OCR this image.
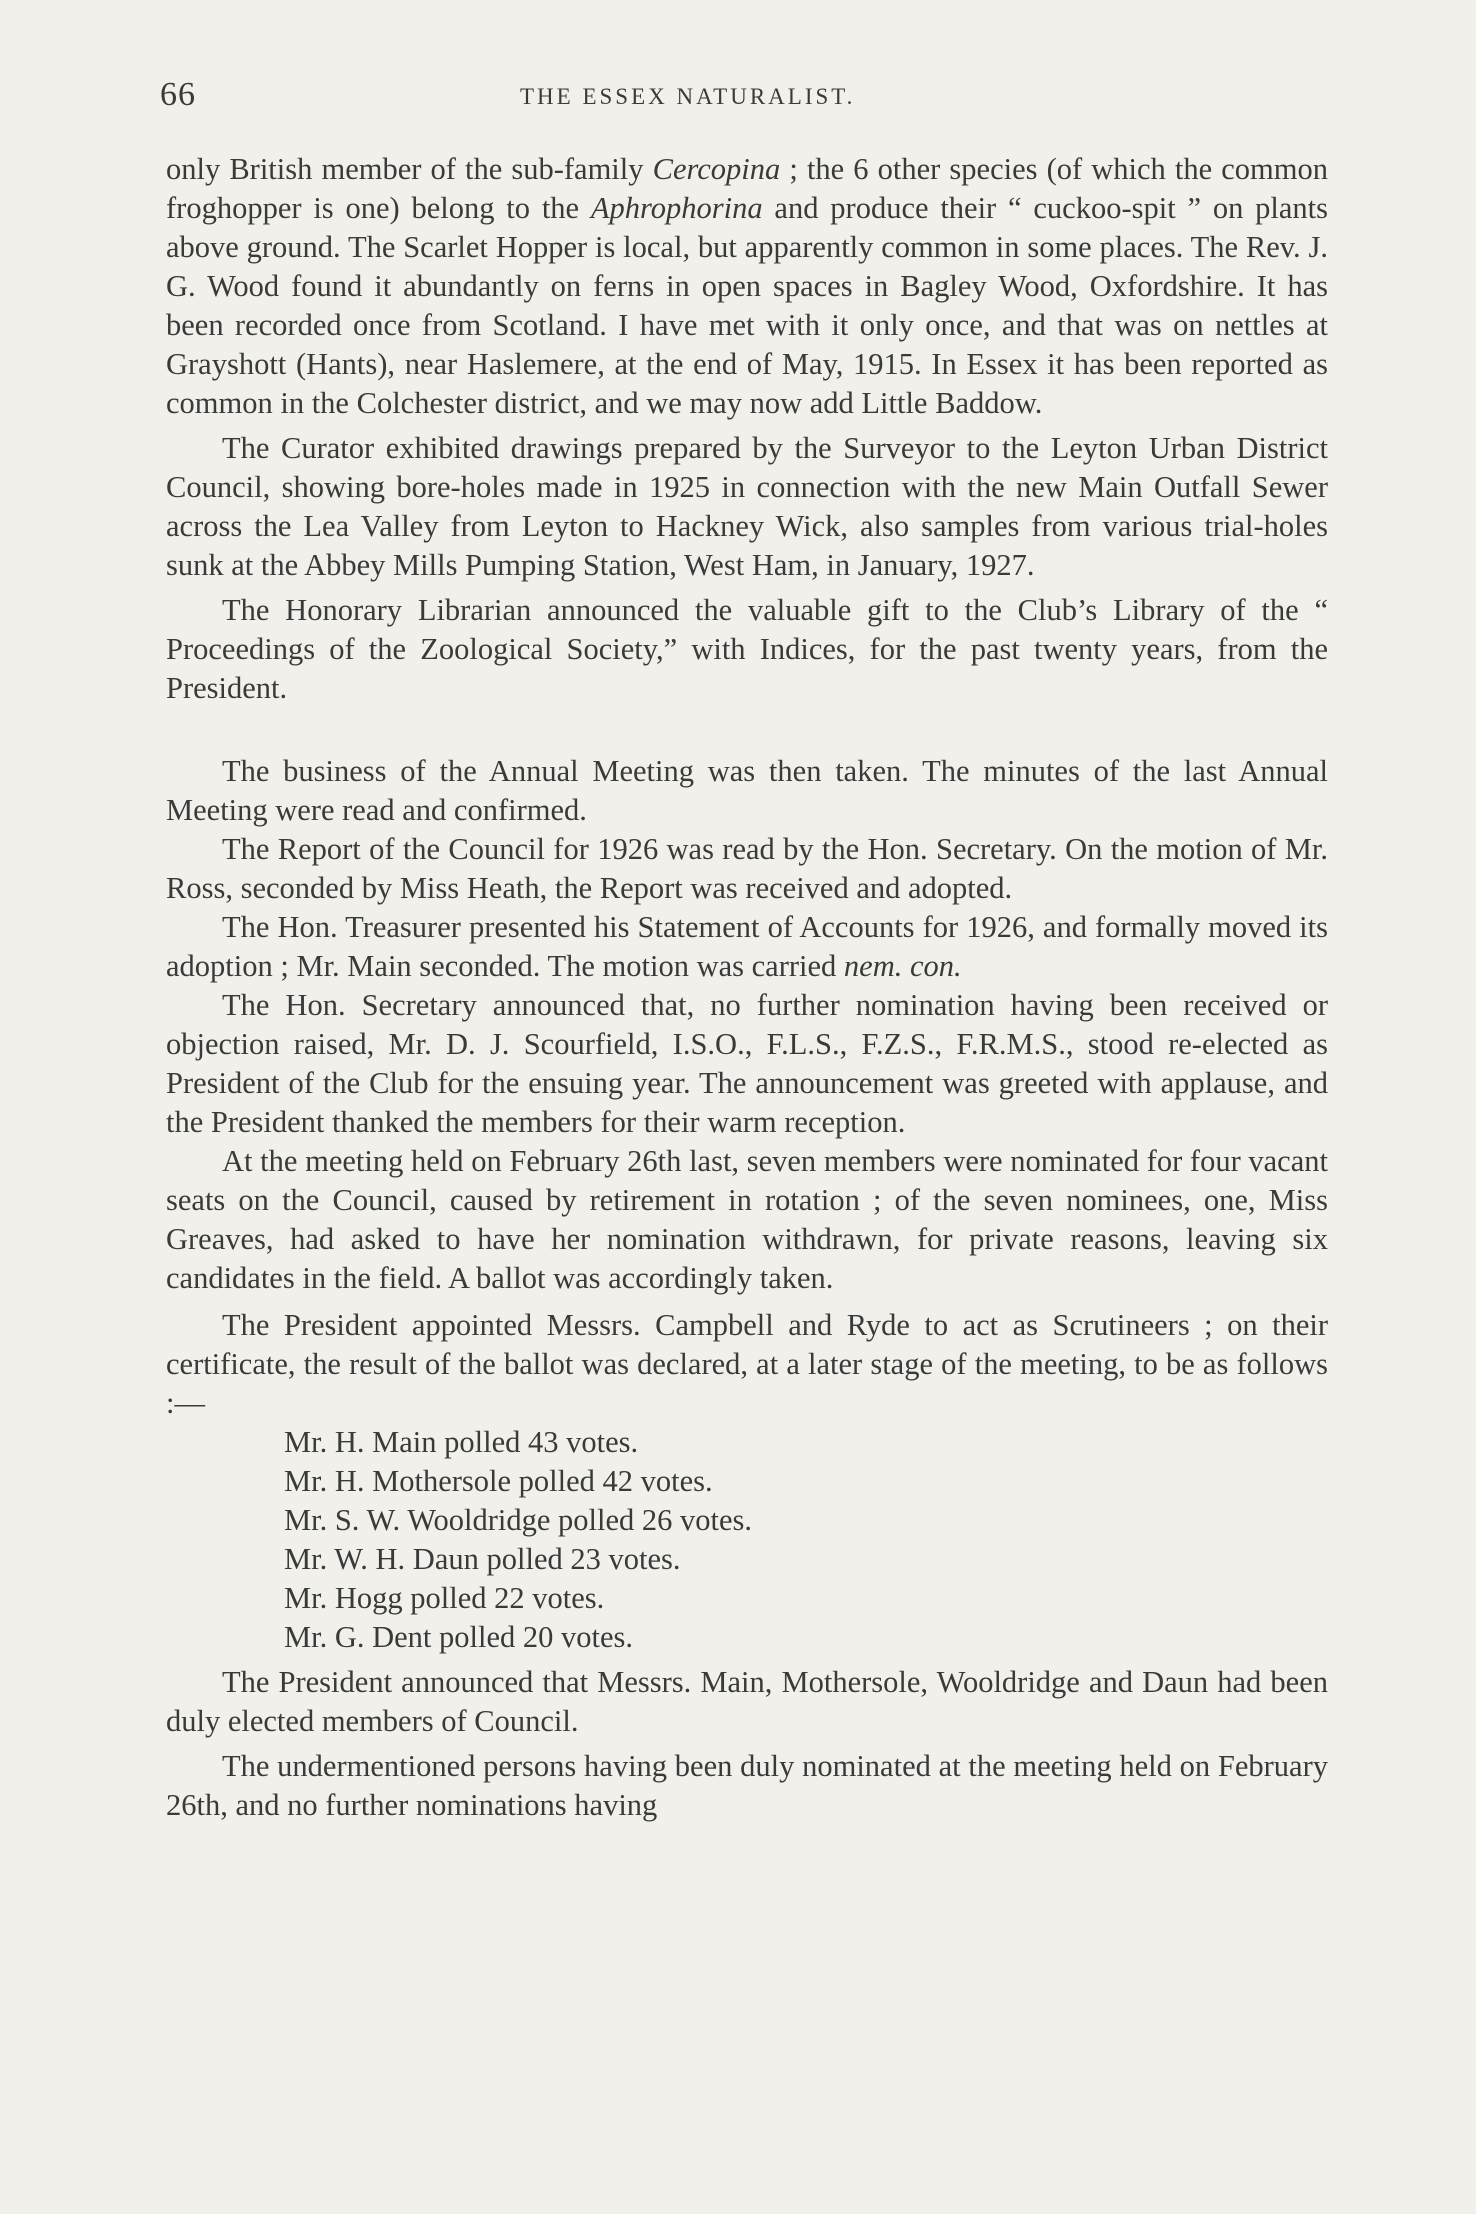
66	THE ESSEX NATURALIST.

only British member of the sub-family Cercopina ; the 6 other species (of which the common froghopper is one) belong to the Aphrophorina and produce their “ cuckoo-spit ” on plants above ground. The Scarlet Hopper is local, but apparently common in some places. The Rev. J. G. Wood found it abundantly on ferns in open spaces in Bagley Wood, Oxfordshire. It has been recorded once from Scotland. I have met with it only once, and that was on nettles at Grayshott (Hants), near Haslemere, at the end of May, 1915. In Essex it has been reported as common in the Colchester district, and we may now add Little Baddow.

The Curator exhibited drawings prepared by the Surveyor to the Leyton Urban District Council, showing bore-holes made in 1925 in connection with the new Main Outfall Sewer across the Lea Valley from Leyton to Hackney Wick, also samples from various trial-holes sunk at the Abbey Mills Pumping Station, West Ham, in January, 1927.

The Honorary Librarian announced the valuable gift to the Club’s Library of the “ Proceedings of the Zoological Society,” with Indices, for the past twenty years, from the President.

The business of the Annual Meeting was then taken. The minutes of the last Annual Meeting were read and confirmed.

The Report of the Council for 1926 was read by the Hon. Secretary. On the motion of Mr. Ross, seconded by Miss Heath, the Report was received and adopted.

The Hon. Treasurer presented his Statement of Accounts for 1926, and formally moved its adoption ; Mr. Main seconded. The motion was carried nem. con.

The Hon. Secretary announced that, no further nomination having been received or objection raised, Mr. D. J. Scourfield, I.S.O., F.L.S., F.Z.S., F.R.M.S., stood re-elected as President of the Club for the ensuing year. The announcement was greeted with applause, and the President thanked the members for their warm reception.

At the meeting held on February 26th last, seven members were nominated for four vacant seats on the Council, caused by retirement in rotation ; of the seven nominees, one, Miss Greaves, had asked to have her nomination withdrawn, for private reasons, leaving six candidates in the field. A ballot was accordingly taken.

The President appointed Messrs. Campbell and Ryde to act as Scrutineers ; on their certificate, the result of the ballot was declared, at a later stage of the meeting, to be as follows :—

Mr. H. Main polled 43 votes.
Mr. H. Mothersole polled 42 votes.
Mr. S. W. Wooldridge polled 26 votes.
Mr. W. H. Daun polled 23 votes.
Mr. Hogg polled 22 votes.
Mr. G. Dent polled 20 votes.

The President announced that Messrs. Main, Mothersole, Wooldridge and Daun had been duly elected members of Council.

The undermentioned persons having been duly nominated at the meeting held on February 26th, and no further nominations having
